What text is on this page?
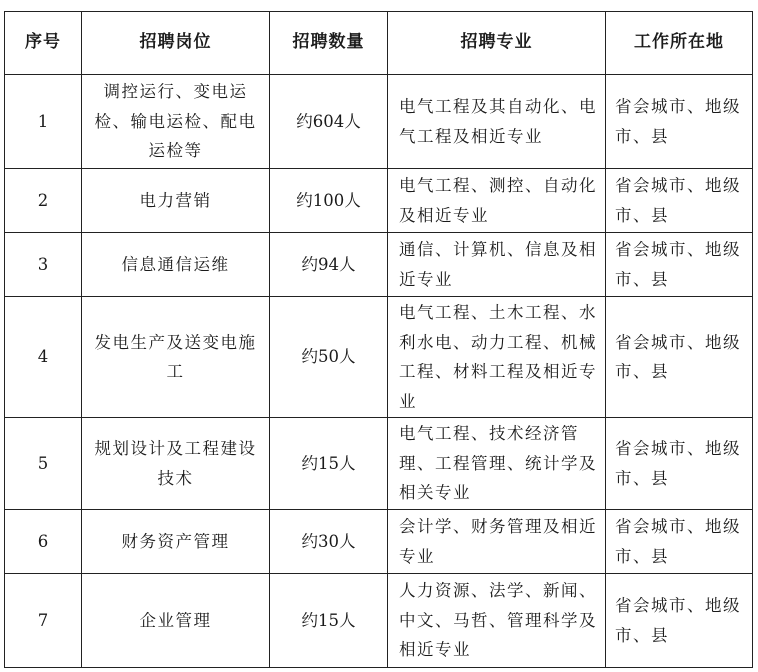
序号	招聘岗位	招聘数量	招聘专业	工作所在地
1	调控运行、变电运检、输电运检、配电运检等	约604人	电气工程及其自动化、电气工程及相近专业	省会城市、地级市、县
2	电力营销	约100人	电气工程、测控、自动化及相近专业	省会城市、地级市、县
3	信息通信运维	约94人	通信、计算机、信息及相近专业	省会城市、地级市、县
4	发电生产及送变电施工	约50人	电气工程、土木工程、水利水电、动力工程、机械工程、材料工程及相近专业	省会城市、地级市、县
5	规划设计及工程建设技术	约15人	电气工程、技术经济管理、工程管理、统计学及相关专业	省会城市、地级市、县
6	财务资产管理	约30人	会计学、财务管理及相近专业	省会城市、地级市、县
7	企业管理	约15人	人力资源、法学、新闻、中文、马哲、管理科学及相近专业	省会城市、地级市、县
